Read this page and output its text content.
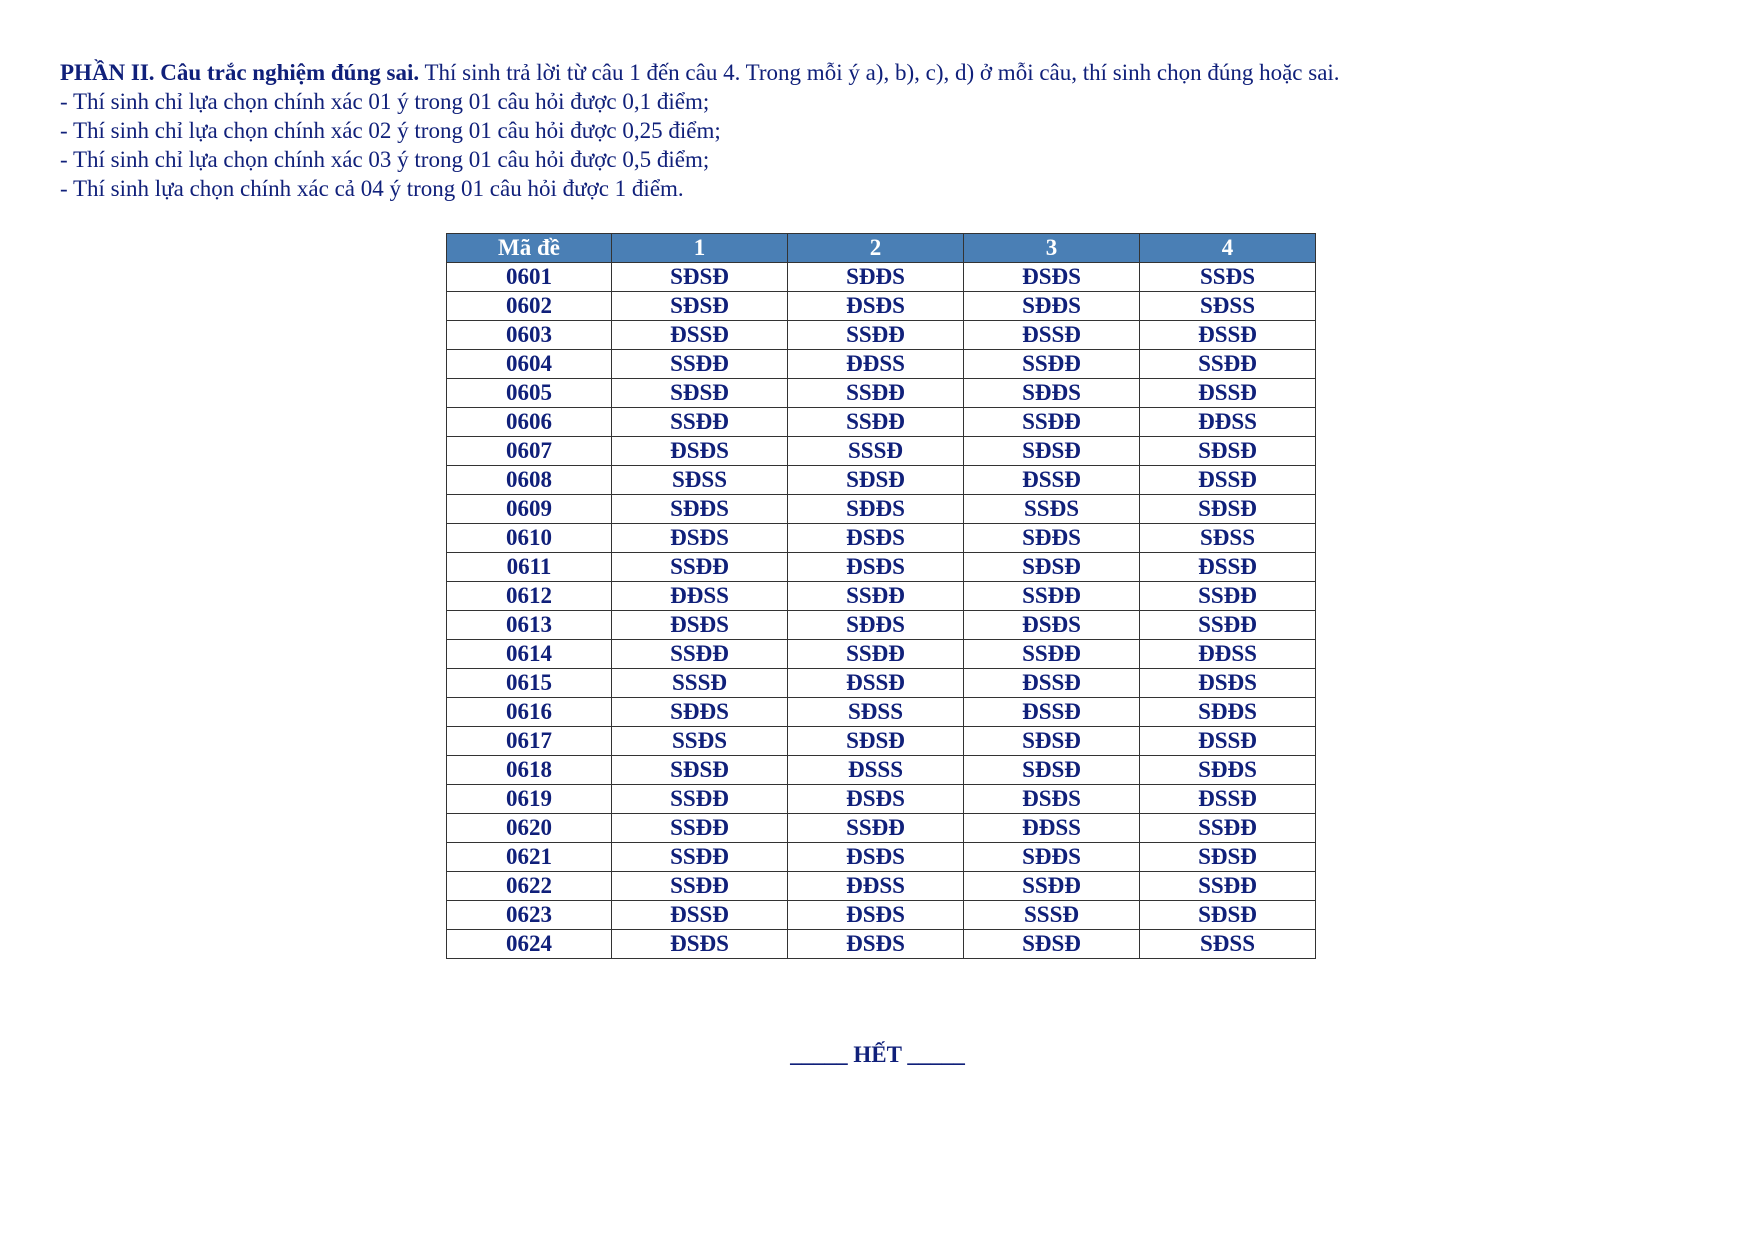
PHẦN II. Câu trắc nghiệm đúng sai. Thí sinh trả lời từ câu 1 đến câu 4. Trong mỗi ý a), b), c), d) ở mỗi câu, thí sinh chọn đúng hoặc sai.
- Thí sinh chỉ lựa chọn chính xác 01 ý trong 01 câu hỏi được 0,1 điểm;
- Thí sinh chỉ lựa chọn chính xác 02 ý trong 01 câu hỏi được 0,25 điểm;
- Thí sinh chỉ lựa chọn chính xác 03 ý trong 01 câu hỏi được 0,5 điểm;
- Thí sinh lựa chọn chính xác cả 04 ý trong 01 câu hỏi được 1 điểm.
Mã đề	1	2	3	4
0601	SĐSĐ	SĐĐS	ĐSĐS	SSĐS
0602	SĐSĐ	ĐSĐS	SĐĐS	SĐSS
0603	ĐSSĐ	SSĐĐ	ĐSSĐ	ĐSSĐ
0604	SSĐĐ	ĐĐSS	SSĐĐ	SSĐĐ
0605	SĐSĐ	SSĐĐ	SĐĐS	ĐSSĐ
0606	SSĐĐ	SSĐĐ	SSĐĐ	ĐĐSS
0607	ĐSĐS	SSSĐ	SĐSĐ	SĐSĐ
0608	SĐSS	SĐSĐ	ĐSSĐ	ĐSSĐ
0609	SĐĐS	SĐĐS	SSĐS	SĐSĐ
0610	ĐSĐS	ĐSĐS	SĐĐS	SĐSS
0611	SSĐĐ	ĐSĐS	SĐSĐ	ĐSSĐ
0612	ĐĐSS	SSĐĐ	SSĐĐ	SSĐĐ
0613	ĐSĐS	SĐĐS	ĐSĐS	SSĐĐ
0614	SSĐĐ	SSĐĐ	SSĐĐ	ĐĐSS
0615	SSSĐ	ĐSSĐ	ĐSSĐ	ĐSĐS
0616	SĐĐS	SĐSS	ĐSSĐ	SĐĐS
0617	SSĐS	SĐSĐ	SĐSĐ	ĐSSĐ
0618	SĐSĐ	ĐSSS	SĐSĐ	SĐĐS
0619	SSĐĐ	ĐSĐS	ĐSĐS	ĐSSĐ
0620	SSĐĐ	SSĐĐ	ĐĐSS	SSĐĐ
0621	SSĐĐ	ĐSĐS	SĐĐS	SĐSĐ
0622	SSĐĐ	ĐĐSS	SSĐĐ	SSĐĐ
0623	ĐSSĐ	ĐSĐS	SSSĐ	SĐSĐ
0624	ĐSĐS	ĐSĐS	SĐSĐ	SĐSS
_____ HẾT _____
